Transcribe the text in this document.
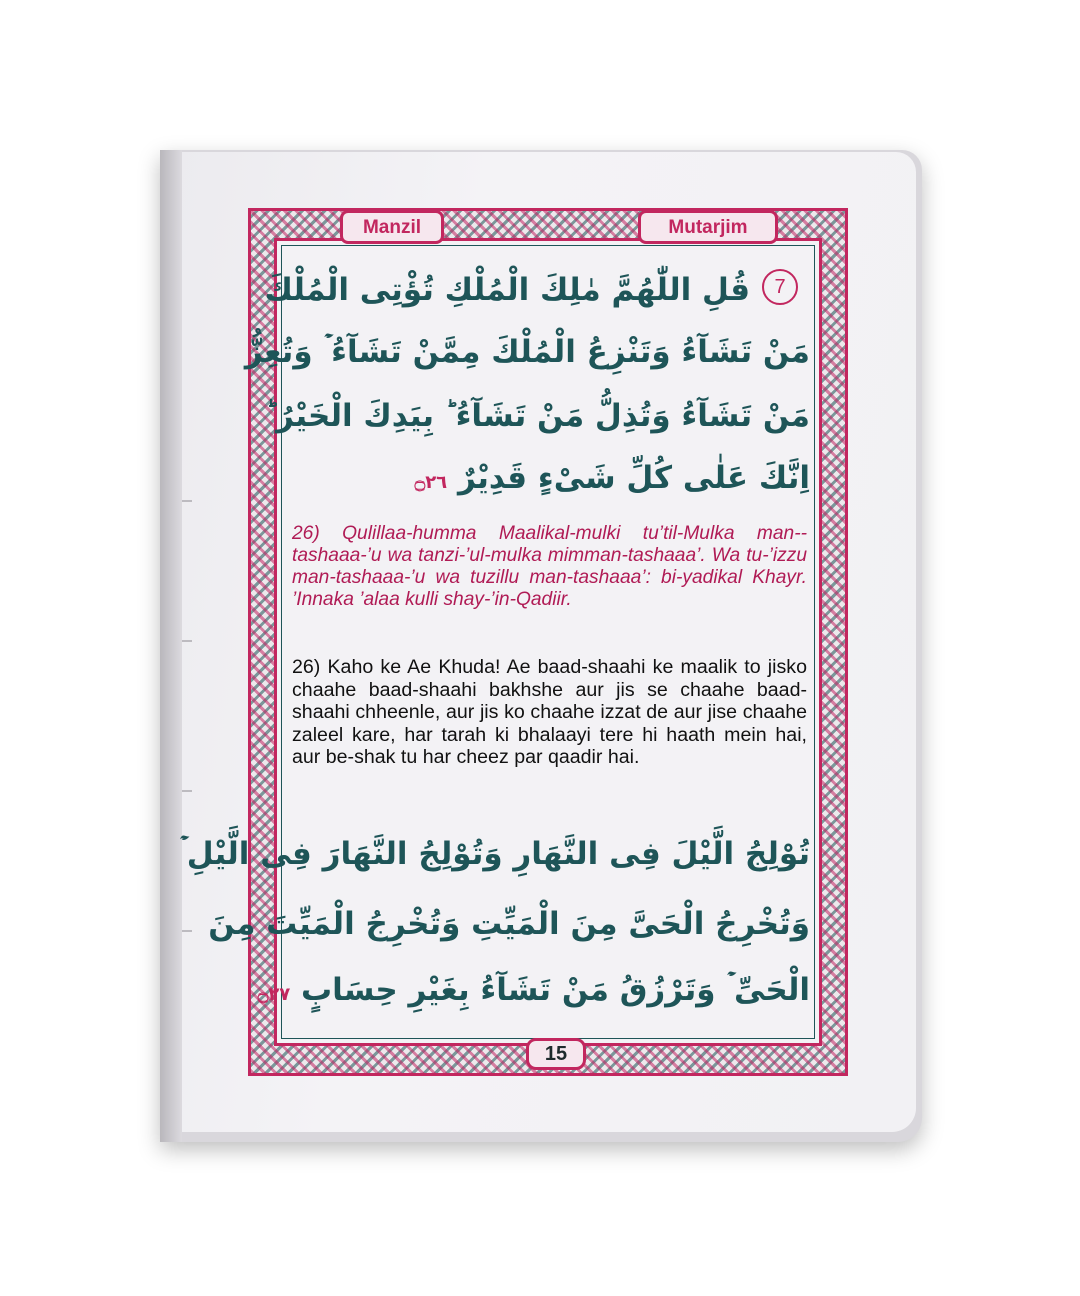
Manzil	Mutarjim
7
قُلِ اللّٰهُمَّ مٰلِكَ الْمُلْكِ تُؤْتِی الْمُلْكَ
مَنْ تَشَآءُ وَتَنْزِعُ الْمُلْكَ مِمَّنْ تَشَآءُ ۡ وَتُعِزُّ
مَنْ تَشَآءُ وَتُذِلُّ مَنْ تَشَآءُ ؕ بِیَدِكَ الْخَیْرُ ؕ
اِنَّكَ عَلٰی كُلِّ شَیْءٍ قَدِیْرٌ ۝٢٦

26) Qulillaa-humma Maalikal-mulki tu’til-Mulka man--tashaaa-’u wa tanzi-’ul-mulka mimman-tashaaa’. Wa tu-’izzu man-tashaaa-’u wa tuzillu man-tashaaa’: bi-yadikal Khayr. ’Innaka ’alaa kulli shay-’in-Qadiir.

26) Kaho ke Ae Khuda! Ae baad-shaahi ke maalik to jisko chaahe baad-shaahi bakhshe aur jis se chaahe baad-shaahi chheenle, aur jis ko chaahe izzat de aur jise chaahe zaleel kare, har tarah ki bhalaayi tere hi haath mein hai, aur be-shak tu har cheez par qaadir hai.

تُوْلِجُ الَّیْلَ فِی النَّهَارِ وَتُوْلِجُ النَّهَارَ فِی الَّیْلِ ۡ
وَتُخْرِجُ الْحَیَّ مِنَ الْمَیِّتِ وَتُخْرِجُ الْمَیِّتَ مِنَ
الْحَیِّ ۡ وَتَرْزُقُ مَنْ تَشَآءُ بِغَیْرِ حِسَابٍ ۝٢٧
15
